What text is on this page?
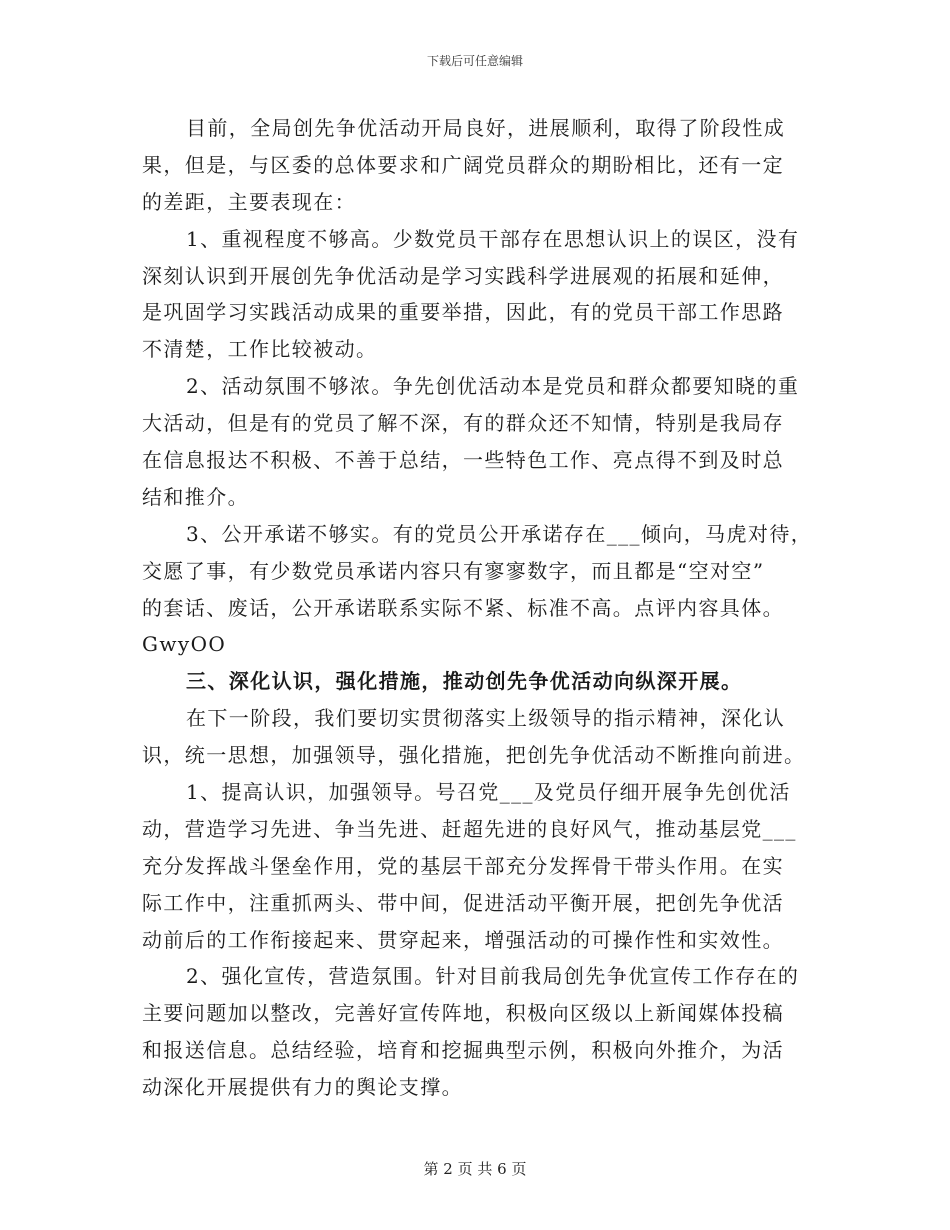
下载后可任意编辑
目前，全局创先争优活动开局良好，进展顺利，取得了阶段性成
果，但是，与区委的总体要求和广阔党员群众的期盼相比，还有一定
的差距，主要表现在：
1、重视程度不够高。少数党员干部存在思想认识上的误区，没有
深刻认识到开展创先争优活动是学习实践科学进展观的拓展和延伸，
是巩固学习实践活动成果的重要举措，因此，有的党员干部工作思路
不清楚，工作比较被动。
2、活动氛围不够浓。争先创优活动本是党员和群众都要知晓的重
大活动，但是有的党员了解不深，有的群众还不知情，特别是我局存
在信息报达不积极、不善于总结，一些特色工作、亮点得不到及时总
结和推介。
3、公开承诺不够实。有的党员公开承诺存在___倾向，马虎对待，
交愿了事，有少数党员承诺内容只有寥寥数字，而且都是“空对空”
的套话、废话，公开承诺联系实际不紧、标准不高。点评内容具体。
GwyOO
三、深化认识，强化措施，推动创先争优活动向纵深开展。
在下一阶段，我们要切实贯彻落实上级领导的指示精神，深化认
识，统一思想，加强领导，强化措施，把创先争优活动不断推向前进。
1、提高认识，加强领导。号召党___及党员仔细开展争先创优活
动，营造学习先进、争当先进、赶超先进的良好风气，推动基层党___
充分发挥战斗堡垒作用，党的基层干部充分发挥骨干带头作用。在实
际工作中，注重抓两头、带中间，促进活动平衡开展，把创先争优活
动前后的工作衔接起来、贯穿起来，增强活动的可操作性和实效性。
2、强化宣传，营造氛围。针对目前我局创先争优宣传工作存在的
主要问题加以整改，完善好宣传阵地，积极向区级以上新闻媒体投稿
和报送信息。总结经验，培育和挖掘典型示例，积极向外推介，为活
动深化开展提供有力的舆论支撑。
第 2 页 共 6 页
